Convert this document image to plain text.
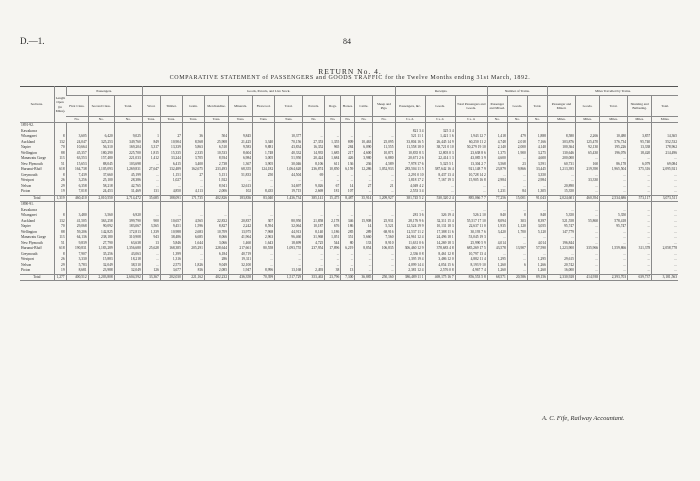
D.—1.	84
RETURN No. 4.
COMPARATIVE STATEMENT of PASSENGERS and GOODS TRAFFIC for the Twelve Months ending 31st March, 1892.
Sections.	Length Open (in Miles).	Passengers.			Goods, Parcels, and Live Stock.												Receipts.			Number of Trains.			Miles Travelled by Trains.				
		First Class.	Second Class.	Total.	Wool.	Timber.	Grain.	Merchandise.	Minerals.	Firewood.	Total.	Parcels.	Dogs.	Horses.	Cattle.	Sheep and Pigs.	Passengers, &c.	Goods.	Total Passengers and Goods.	Passenger and Mixed.	Goods.	Total.	Passenger and Mixed.	Goods.	Total.	Shunting and Ballasting.	Total.
		No.	No.	No.	Tons.	Tons.	Tons.	Tons.	Tons.	Tons.	Tons.	No.	No.	No.	No.	No.	£ s. d.	£ s. d.	£ s. d.	No.	No.	No.	Miles.	Miles.	Miles.	Miles.	Miles.
1891-92.																											
Kawakawa																	821 3 4	325 3 4									
Whangarei	8	3,605	6,420	9,025	1	27	36	504	9,845		10,377	...	...	...	...	...	521 11 1	1,421 1 6	1,943 12 7	1,418	479	1,888	8,580	2,266	10,480	3,857	14,365
Auckland	132	24,047	325,253	349,760	849	10,904	8,568	25,908	21,425	3,340	70,156	27,353	1,355	809	10,463	25,095	33,804 16 5	26,445 14 9	60,250 11 2	4,748	2,018	7,166	303,876	125,470	576,734	95,740	552,532
Napier	70	10,664	56,310	169,204	3,317	13,339	5,863	6,510	9,583	9,881	43,834	16,352	965	284	6,090	11,555	11,558 18 0	38,721 0 10	50,279 19 10	2,140	2,000	4,140	100,364	92,130	195,226	13,338	178,962
Wellington	88	45,357	180,290	225,700	1,815	15,335	2,335	10,533	8,604	1,748	40,332	14,935	1,685	217	4,600	10,871	10,835 8 3	12,803 0 3	23,638 8 6	1,375	1,900	3,275	130,646	65,430	196,076	18,420	214,496
Manawatu Gorge	113	63,553	157,480	221,033	1,412	33,244	3,705	8,934	6,984	3,005	51,950	20,424	1,684	426	3,980	6,880	20,671 2 6	22,414 1 3	43,085 3 9	4,600	...	4,600	200,000	...	...	...	...
New Plymouth	51	15,653	88,045	103,698	...	6,415	3,400	2,738	1,367	3,905	30,046	8,106	611	136	236	4,589	7,978 17 6	5,325 5 1	13,304 2 7	3,568	23	3,591	60,731	160	86,178	6,079	69,084
Hurunui-Bluff	618	164,738	1,105,093	1,269,831	27,647	132,489	162,675	233,493	68,355	124,182	1,064,620	236,874	10,850	6,159	12,286	1,052,933	283,504 11 5	387,642 16 4	921,148 7 9	23,879	9,866	33,445	1,213,395	219,390	1,965,504	375,316	2,095,921
Greymouth	8	7,439	37,660	45,199	...	1,151	27	5,151	51,833	250	44,504	69	...	...	...	...	2,291 0 10	8,437 13 4	10,728 14 2	...	...	3,350	...	...	...	...	...
Westport	26	3,256	25,100	28,386	...	1,027	...	1,922	...	...	...	...	...	...	...	...	1,818 17 2	7,167 19 3	15,905 16 8	2,984	...	2,984	...	33,330	...	...	...
Nelson	29	6,358	58,218	42,765	...	...	...	8,941	32,613	...	34,697	9,026	67	14	27	21	4,049 4 2	...	...	...	...	...	20,890	...	...	...	...
Picton	19	7,018	24,453	31,469	131	4,850	4,113	2,006	102	8,435	19,715	2,669	181	107	...	...	2,553 3 4	...	...	1,231	84	1,305	15,350	...	...	...	...
Total	1,319	460,410	2,010,550	2,714,472	35,685	188,091	171,735	402,826	183,836	83,040	1,436,734	385,141	15,475	8,487	35,914	1,209,927	381,745 5 2	530,320 2 4	885,066 7 7	77,256	15,001	91,043	2,024,601	460,394	2,534,686	573,117	3,073,511
1890-91.																											
Kawakawa																	...	...	...	...	...	...	...	...	...	...	...
Whangarei	8	3,480	3,560	6,920	...	...	...	...	...	...	...	...	...	...	...	...	281 3 6	326 19 4	526 2 10	840	8	848	5,350	...	5,350	...	...
Auckland	132	41,505	363,258	399,790	900	10,657	4,565	22,832	20,837	307	80,950	21,858	2,178	346	15,908	25,931	28,176 9 6	32,311 15 4	55,517 17 10	8,094	303	8,397	521,558	55,860	578,418	...	...
Napier	70	29,068	90,092	183,067	3,565	9,451	1,596	8,827	2,242	8,594	32,064	10,187	676	186	14	5,521	12,524 19 9	10,131 18 3	22,637 11 0	1,935	1,120	3,055	95,747	...	95,747	...	...
Wellington	88	59,206	142,825	172,813	1,339	10,988	2,683	10,709	13,975	7,968	44,913	8,140	1,186	285	289	68,916	12,537 11 2	17,388 11 6	30,193 7 6	3,420	1,700	5,120	147,779	...	...	...	...
Manawatu Gorge	113	64,136	238,180	310,908	943	38,486	6,685	8,066	41,964	2,963	96,460	31,968	1,051	351	5,660	7,560	24,961 12 4	24,496 18 1	53,045 19 3	...	...	...	...	...	...	...	...
New Plymouth	51	9,839	27,790	63,638	13	5,846	1,644	3,066	1,460	1,643	18,699	4,725	544	80	133	8,910	11,631 0 6	14,269 18 3	25,990 5 9	4,014	...	4,014	196,844	...	...	...	...
Hurunui-Bluff	618	190,831	1,183,289	1,356,680	25,628	168,385	205,291	228,644	217,661	80,558	1,093,755	237,954	17,896	6,219	8,854	106,835	306,460 12 9	378,683 4 8	685,269 17 5	43,578	13,907	57,590	1,223,900	335,966	1,559,866	311,378	2,058,778
Greymouth	8	7,907	35,256	43,063	...	1,399	...	6,184	40,719	...	...	...	...	...	...	...	2,336 0 8	8,461 12 8	10,797 13 4	...	...	...	...	...	...	...	...
Westport	26	3,330	15,883	18,218	...	1,316	...	286	19,311	...	...	...	...	...	...	...	1,395 19 4	3,486 12 0	4,882 11 4	1,295	...	1,295	29,615	...	...	...	...
Nelson	29	5,783	32,049	38,510	...	2,575	1,826	9,049	32,100	...	...	...	...	...	...	...	4,099 14 4	4,054 15 6	8,193 9 10	1,260	6	1,266	20,742	...	...	...	...
Picton	19	8,681	23,988	32,049	126	3,677	816	2,085	1,947	8,996	13,168	2,493	38	13	...	...	2,381 12 4	2,576 0 8	4,967 7 4	1,260	...	1,260	16,000	...	...	...	...
Total	1,277	400,512	2,203,808	2,604,592	33,367	202,030	221,162	402,232	436,358	70,399	1,517,729	353,463	23,796	7,300	36,885	250,160	386,489 11 1	469,175 16 7	856,553 5 8	68,571	20,586	89,156	2,330,928	414,938	2,393,703	639,737	3,181,563
A. C. Fife, Railway Accountant.
